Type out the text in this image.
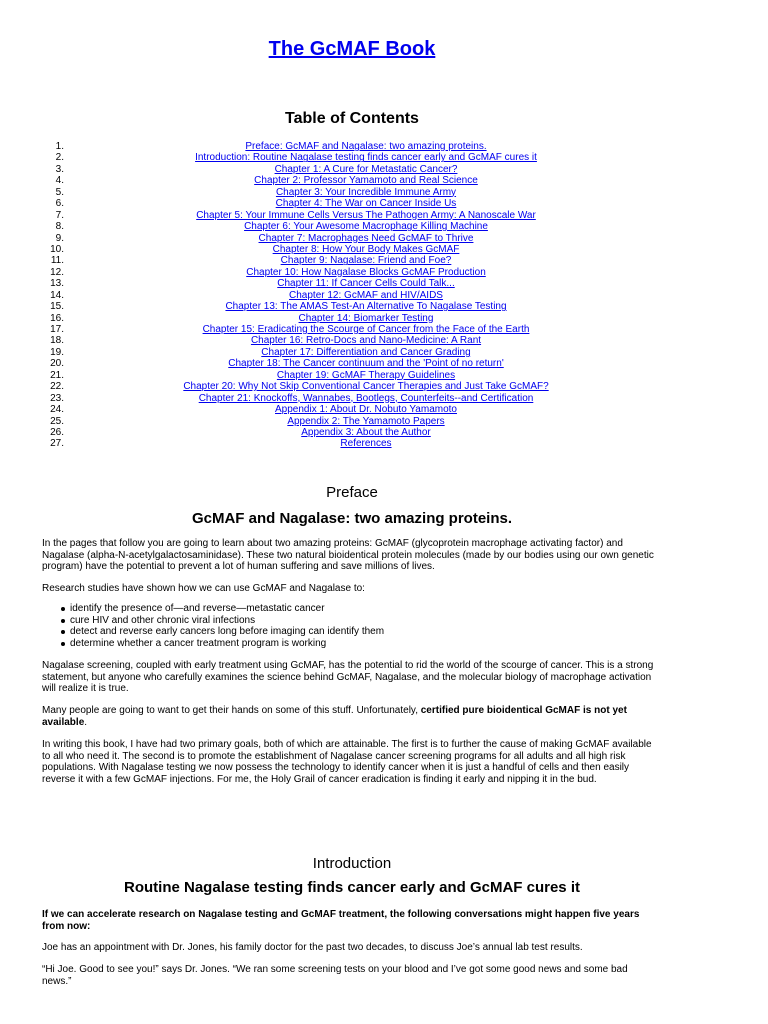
The GcMAF Book
Table of Contents
1.	Preface: GcMAF and Nagalase: two amazing proteins.
2.	Introduction: Routine Nagalase testing finds cancer early and GcMAF cures it
3.	Chapter 1: A Cure for Metastatic Cancer?
4.	Chapter 2: Professor Yamamoto and Real Science
5.	Chapter 3: Your Incredible Immune Army
6.	Chapter 4: The War on Cancer Inside Us
7.	Chapter 5: Your Immune Cells Versus The Pathogen Army: A Nanoscale War
8.	Chapter 6: Your Awesome Macrophage Killing Machine
9.	Chapter 7: Macrophages Need GcMAF to Thrive
10.	Chapter 8: How Your Body Makes GcMAF
11.	Chapter 9: Nagalase: Friend and Foe?
12.	Chapter 10: How Nagalase Blocks GcMAF Production
13.	Chapter 11: If Cancer Cells Could Talk...
14.	Chapter 12: GcMAF and HIV/AIDS
15.	Chapter 13: The AMAS Test-An Alternative To Nagalase Testing
16.	Chapter 14: Biomarker Testing
17.	Chapter 15: Eradicating the Scourge of Cancer from the Face of the Earth
18.	Chapter 16: Retro-Docs and Nano-Medicine: A Rant
19.	Chapter 17: Differentiation and Cancer Grading
20.	Chapter 18: The Cancer continuum and the 'Point of no return'
21.	Chapter 19: GcMAF Therapy Guidelines
22.	Chapter 20: Why Not Skip Conventional Cancer Therapies and Just Take GcMAF?
23.	Chapter 21: Knockoffs, Wannabes, Bootlegs, Counterfeits--and Certification
24.	Appendix 1: About Dr. Nobuto Yamamoto
25.	Appendix 2: The Yamamoto Papers
26.	Appendix 3: About the Author
27.	References
Preface
GcMAF and Nagalase: two amazing proteins.

In the pages that follow you are going to learn about two amazing proteins: GcMAF (glycoprotein macrophage activating factor) and Nagalase (alpha-N-acetylgalactosaminidase). These two natural bioidentical protein molecules (made by our bodies using our own genetic program) have the potential to prevent a lot of human suffering and save millions of lives.

Research studies have shown how we can use GcMAF and Nagalase to:

identify the presence of—and reverse—metastatic cancer
cure HIV and other chronic viral infections
detect and reverse early cancers long before imaging can identify them
determine whether a cancer treatment program is working

Nagalase screening, coupled with early treatment using GcMAF, has the potential to rid the world of the scourge of cancer. This is a strong statement, but anyone who carefully examines the science behind GcMAF, Nagalase, and the molecular biology of macrophage activation will realize it is true.

Many people are going to want to get their hands on some of this stuff. Unfortunately, certified pure bioidentical GcMAF is not yet available.

In writing this book, I have had two primary goals, both of which are attainable. The first is to further the cause of making GcMAF available to all who need it. The second is to promote the establishment of Nagalase cancer screening programs for all adults and all high risk populations. With Nagalase testing we now possess the technology to identify cancer when it is just a handful of cells and then easily reverse it with a few GcMAF injections. For me, the Holy Grail of cancer eradication is finding it early and nipping it in the bud.

Introduction
Routine Nagalase testing finds cancer early and GcMAF cures it

If we can accelerate research on Nagalase testing and GcMAF treatment, the following conversations might happen five years from now:

Joe has an appointment with Dr. Jones, his family doctor for the past two decades, to discuss Joe’s annual lab test results.

“Hi Joe. Good to see you!” says Dr. Jones. “We ran some screening tests on your blood and I’ve got some good news and some bad news.”
